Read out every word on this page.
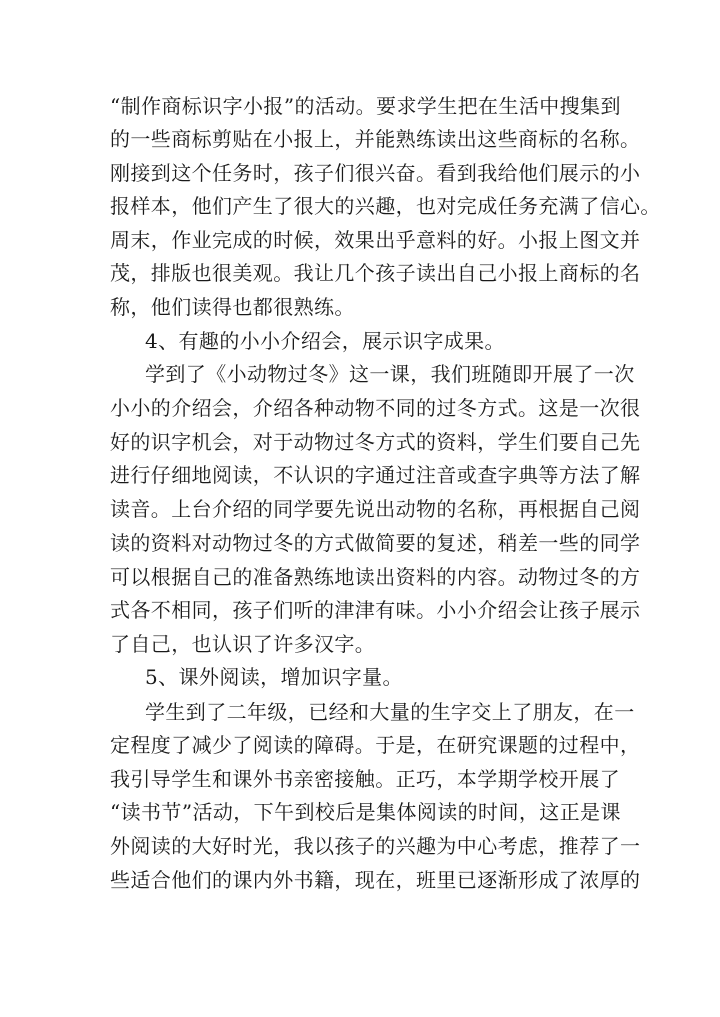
“制作商标识字小报”的活动。要求学生把在生活中搜集到
的一些商标剪贴在小报上，并能熟练读出这些商标的名称。
刚接到这个任务时，孩子们很兴奋。看到我给他们展示的小
报样本，他们产生了很大的兴趣，也对完成任务充满了信心。
周末，作业完成的时候，效果出乎意料的好。小报上图文并
茂，排版也很美观。我让几个孩子读出自己小报上商标的名
称，他们读得也都很熟练。
4、有趣的小小介绍会，展示识字成果。
学到了《小动物过冬》这一课，我们班随即开展了一次
小小的介绍会，介绍各种动物不同的过冬方式。这是一次很
好的识字机会，对于动物过冬方式的资料，学生们要自己先
进行仔细地阅读，不认识的字通过注音或查字典等方法了解
读音。上台介绍的同学要先说出动物的名称，再根据自己阅
读的资料对动物过冬的方式做简要的复述，稍差一些的同学
可以根据自己的准备熟练地读出资料的内容。动物过冬的方
式各不相同，孩子们听的津津有味。小小介绍会让孩子展示
了自己，也认识了许多汉字。
5、课外阅读，增加识字量。
学生到了二年级，已经和大量的生字交上了朋友，在一
定程度了减少了阅读的障碍。于是，在研究课题的过程中，
我引导学生和课外书亲密接触。正巧，本学期学校开展了
“读书节”活动，下午到校后是集体阅读的时间，这正是课
外阅读的大好时光，我以孩子的兴趣为中心考虑，推荐了一
些适合他们的课内外书籍，现在，班里已逐渐形成了浓厚的
